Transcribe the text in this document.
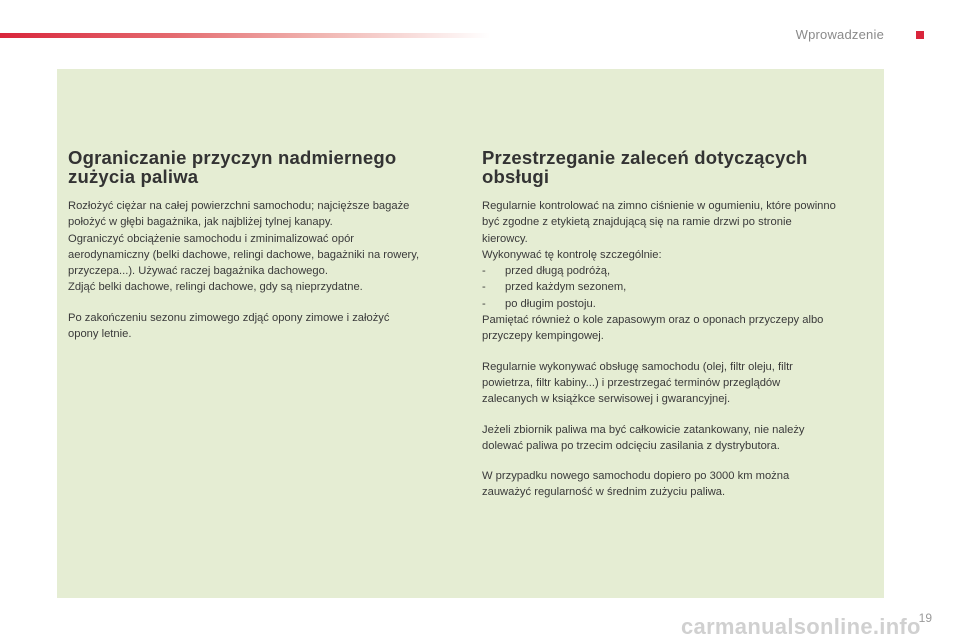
Wprowadzenie
Ograniczanie przyczyn nadmiernego
zużycia paliwa

Rozłożyć ciężar na całej powierzchni samochodu; najcięższe bagaże
położyć w głębi bagażnika, jak najbliżej tylnej kanapy.
Ograniczyć obciążenie samochodu i zminimalizować opór
aerodynamiczny (belki dachowe, relingi dachowe, bagażniki na rowery,
przyczepa...). Używać raczej bagażnika dachowego.
Zdjąć belki dachowe, relingi dachowe, gdy są nieprzydatne.

Po zakończeniu sezonu zimowego zdjąć opony zimowe i założyć
opony letnie.

Przestrzeganie zaleceń dotyczących
obsługi

Regularnie kontrolować na zimno ciśnienie w ogumieniu, które powinno
być zgodne z etykietą znajdującą się na ramie drzwi po stronie
kierowcy.
Wykonywać tę kontrolę szczególnie:

-	przed długą podróżą,

-	przed każdym sezonem,

-	po długim postoju.

Pamiętać również o kole zapasowym oraz o oponach przyczepy albo
przyczepy kempingowej.

Regularnie wykonywać obsługę samochodu (olej, filtr oleju, filtr
powietrza, filtr kabiny...) i przestrzegać terminów przeglądów
zalecanych w książkce serwisowej i gwarancyjnej.

Jeżeli zbiornik paliwa ma być całkowicie zatankowany, nie należy
dolewać paliwa po trzecim odcięciu zasilania z dystrybutora.

W przypadku nowego samochodu dopiero po 3000 km można
zauważyć regularność w średnim zużyciu paliwa.

carmanualsonline.info
19
